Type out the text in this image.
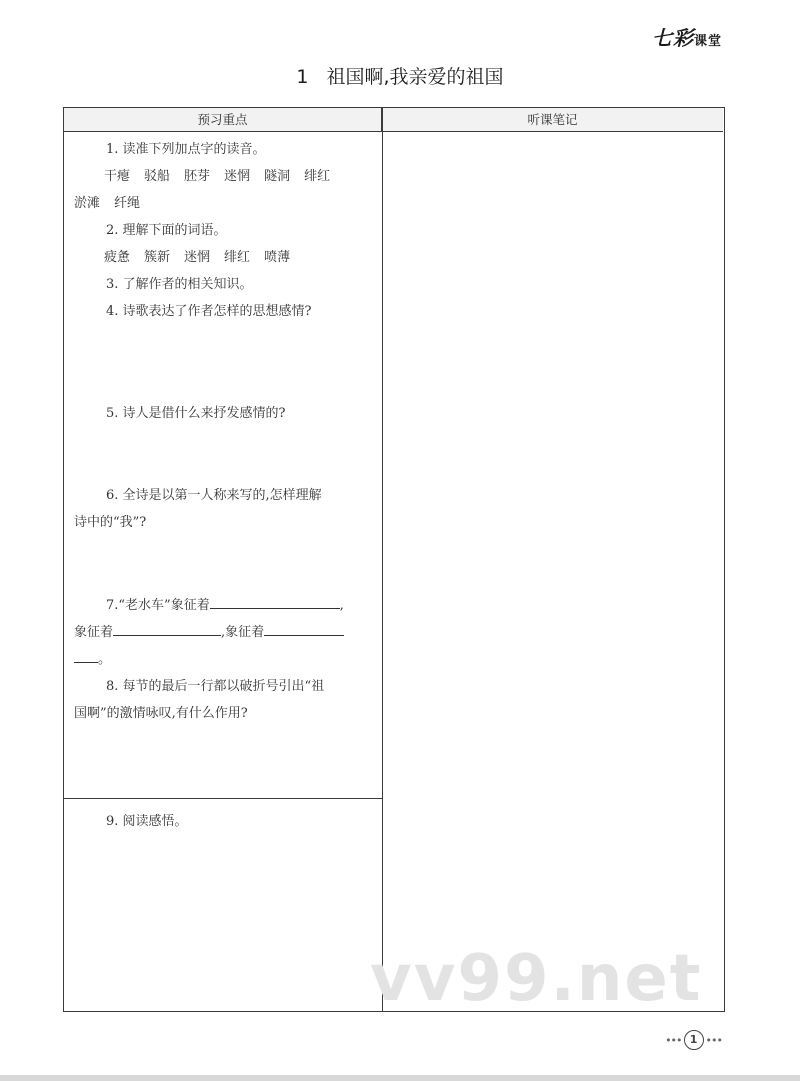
七彩课堂
1 祖国啊,我亲爱的祖国
预习重点	听课笔记
1. 读准下列加点字的读音。
干瘪 驳船 胚芽 迷惘 隧洞 绯红
淤滩 纤绳
2. 理解下面的词语。
疲惫 簇新 迷惘 绯红 喷薄
3. 了解作者的相关知识。
4. 诗歌表达了作者怎样的思想感情?
5. 诗人是借什么来抒发感情的?
6. 全诗是以第一人称来写的,怎样理解
诗中的“我”?
7.“老水车”象征着	,
象征着	,象征着
。
8. 每节的最后一行都以破折号引出“祖
国啊”的激情咏叹,有什么作用?
9. 阅读感悟。
vv99.net
••• 1 •••
